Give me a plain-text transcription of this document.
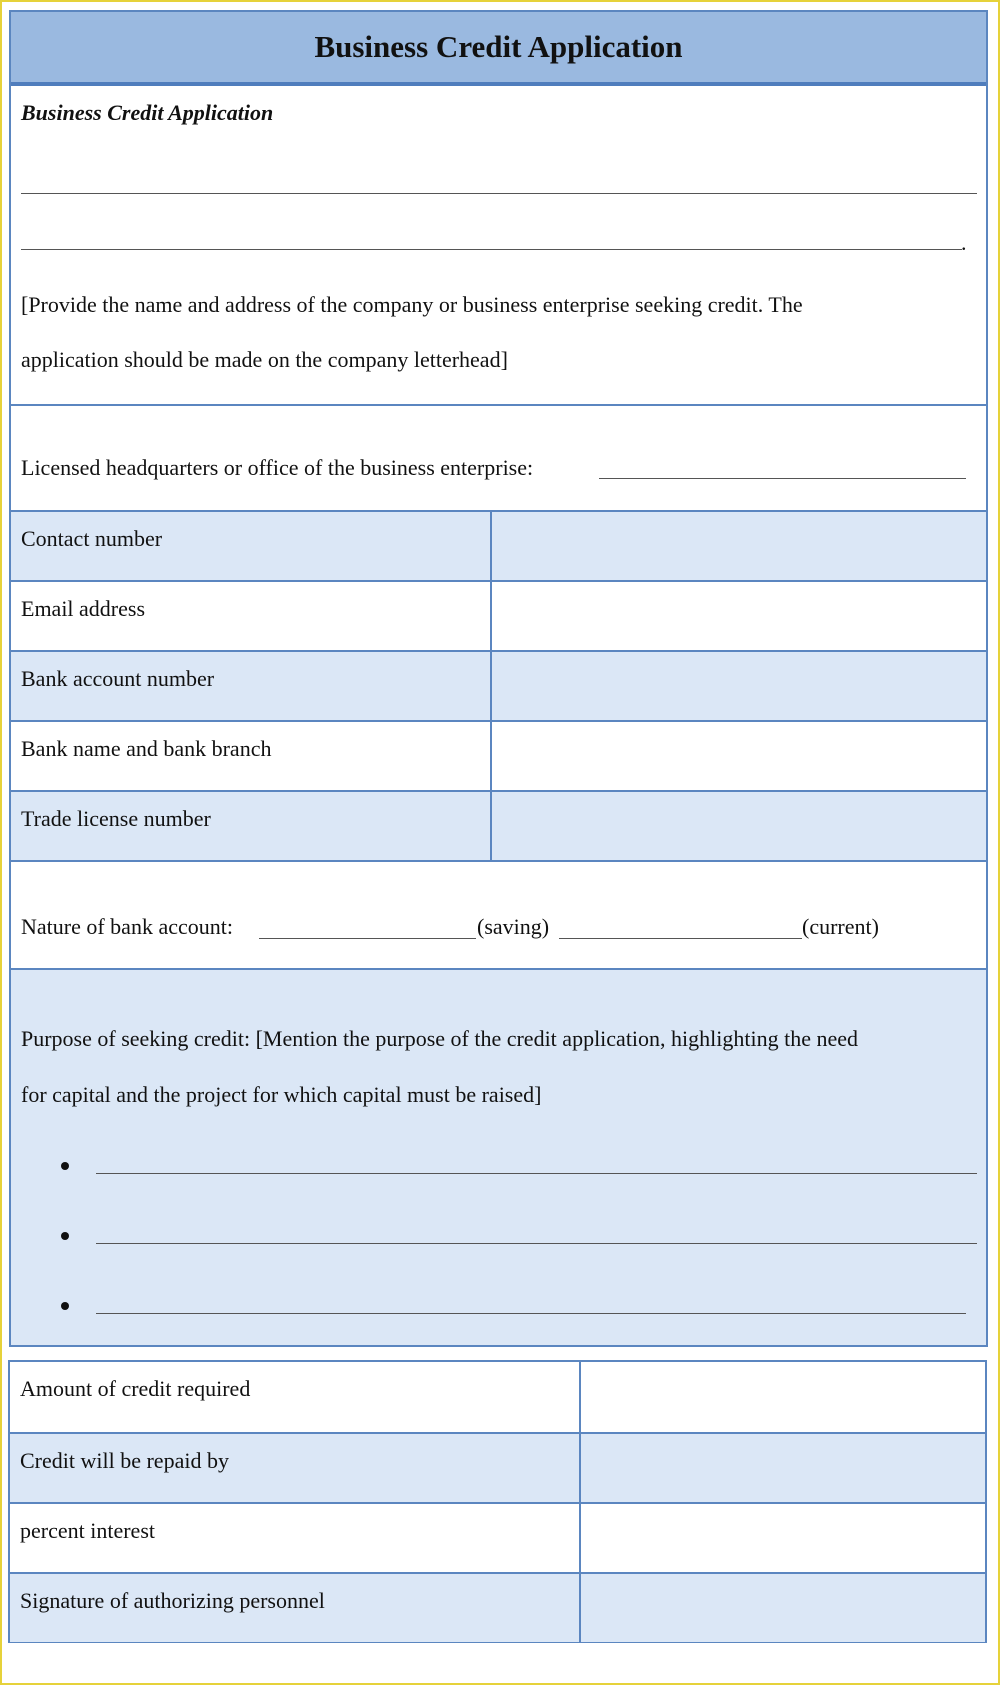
Business Credit Application
Business Credit Application
.
[Provide the name and address of the company or business enterprise seeking credit. The
application should be made on the company letterhead]
Licensed headquarters or office of the business enterprise:
Contact number
Email address
Bank account number
Bank name and bank branch
Trade license number
Nature of bank account:	(saving)	(current)
Purpose of seeking credit: [Mention the purpose of the credit application, highlighting the need
for capital and the project for which capital must be raised]
Amount of credit required
Credit will be repaid by
percent interest
Signature of authorizing personnel
